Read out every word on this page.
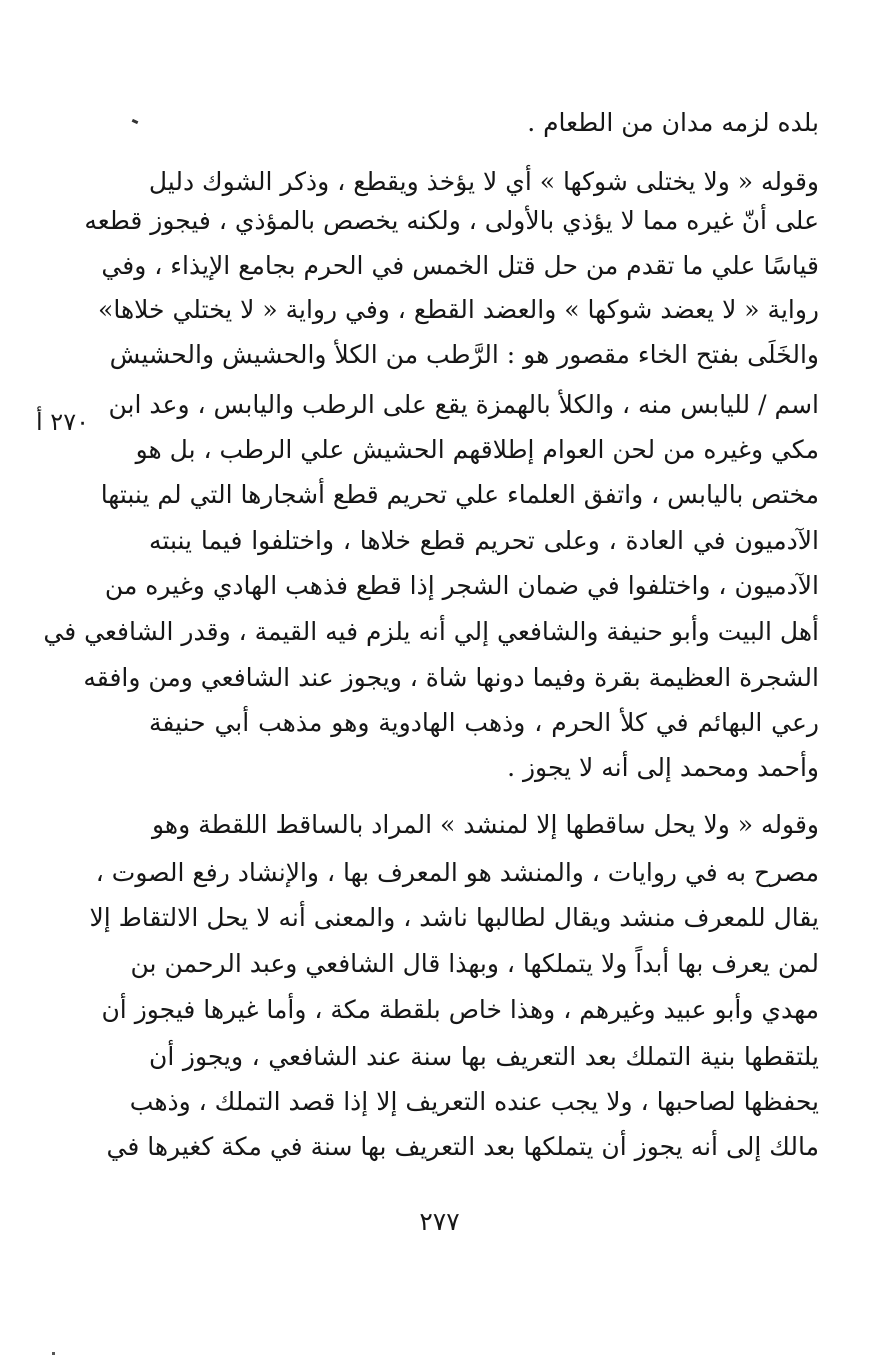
بلده لزمه مدان من الطعام .
وقوله « ولا يختلى شوكها » أي لا يؤخذ ويقطع ، وذكر الشوك دليل
على أنّ غيره مما لا يؤذي بالأولى ، ولكنه يخصص بالمؤذي ، فيجوز قطعه
قياسًا علي ما تقدم من حل قتل الخمس في الحرم بجامع الإيذاء ، وفي
رواية « لا يعضد شوكها » والعضد القطع ، وفي رواية « لا يختلي خلاها»
والخَلَى بفتح الخاء مقصور هو : الرَّطب من الكلأ والحشيش والحشيش
اسم / لليابس منه ، والكلأ بالهمزة يقع على الرطب واليابس ، وعد ابن
مكي وغيره من لحن العوام إطلاقهم الحشيش علي الرطب ، بل هو
مختص باليابس ، واتفق العلماء علي تحريم قطع أشجارها التي لم ينبتها
الآدميون في العادة ، وعلى تحريم قطع خلاها ، واختلفوا فيما ينبته
الآدميون ، واختلفوا في ضمان الشجر إذا قطع فذهب الهادي وغيره من
أهل البيت وأبو حنيفة والشافعي إلي أنه يلزم فيه القيمة ، وقدر الشافعي في
الشجرة العظيمة بقرة وفيما دونها شاة ، ويجوز عند الشافعي ومن وافقه
رعي البهائم في كلأ الحرم ، وذهب الهادوية وهو مذهب أبي حنيفة
وأحمد ومحمد إلى أنه لا يجوز .
وقوله « ولا يحل ساقطها إلا لمنشد » المراد بالساقط اللقطة وهو
مصرح به في روايات ، والمنشد هو المعرف بها ، والإنشاد رفع الصوت ،
يقال للمعرف منشد ويقال لطالبها ناشد ، والمعنى أنه لا يحل الالتقاط إلا
لمن يعرف بها أبداً ولا يتملكها ، وبهذا قال الشافعي وعبد الرحمن بن
مهدي وأبو عبيد وغيرهم ، وهذا خاص بلقطة مكة ، وأما غيرها فيجوز أن
يلتقطها بنية التملك بعد التعريف بها سنة عند الشافعي ، ويجوز أن
يحفظها لصاحبها ، ولا يجب عنده التعريف إلا إذا قصد التملك ، وذهب
مالك إلى أنه يجوز أن يتملكها بعد التعريف بها سنة في مكة كغيرها في
٢٧٠ أ
٢٧٧
